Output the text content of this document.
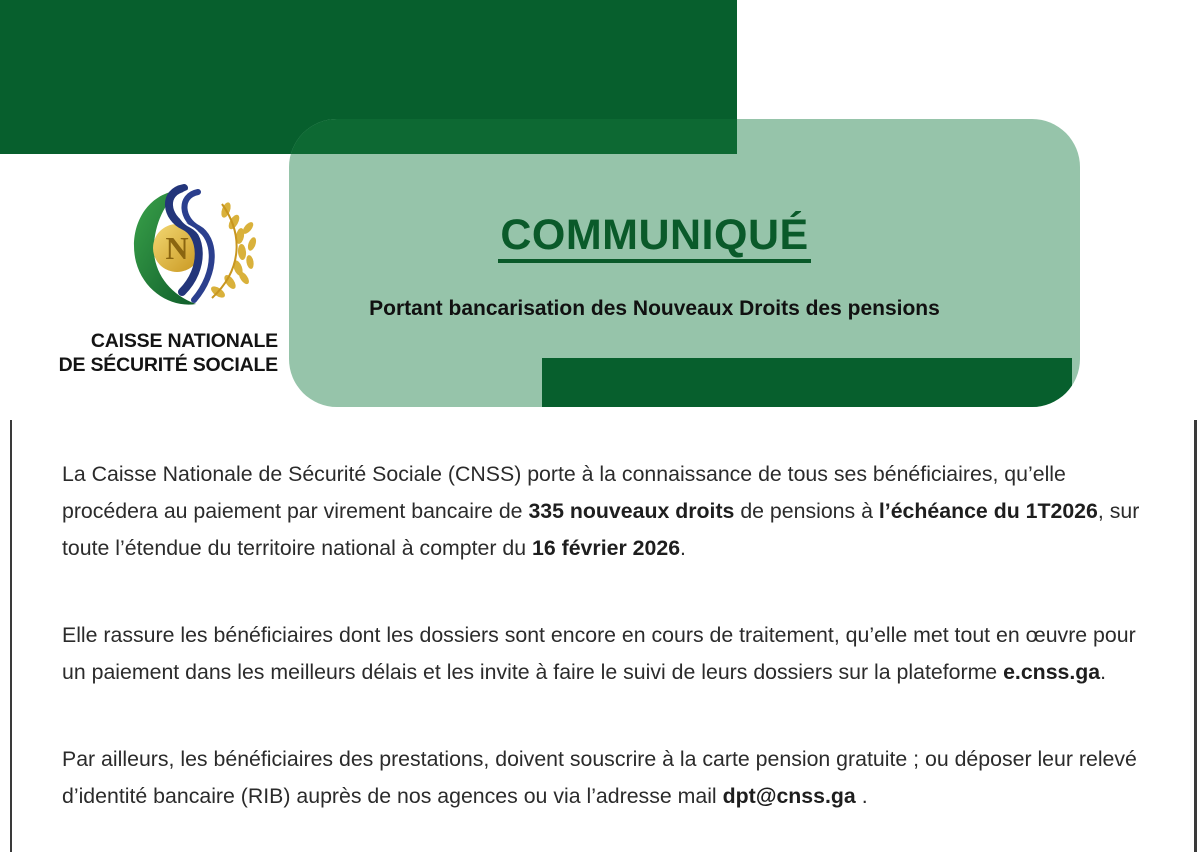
COMMUNIQUÉ

Portant bancarisation des Nouveaux Droits des pensions

N
CAISSE NATIONALE
DE SÉCURITÉ SOCIALE

La Caisse Nationale de Sécurité Sociale (CNSS) porte à la connaissance de tous ses bénéficiaires, qu’elle procédera au paiement par virement bancaire de 335 nouveaux droits de pensions à l’échéance du 1T2026, sur toute l’étendue du territoire national à compter du 16 février 2026.

Elle rassure les bénéficiaires dont les dossiers sont encore en cours de traitement, qu’elle met tout en œuvre pour un paiement dans les meilleurs délais et les invite à faire le suivi de leurs dossiers sur la plateforme e.cnss.ga.

Par ailleurs, les bénéficiaires des prestations, doivent souscrire à la carte pension gratuite ; ou déposer leur relevé d’identité bancaire (RIB) auprès de nos agences ou via l’adresse mail dpt@cnss.ga .
